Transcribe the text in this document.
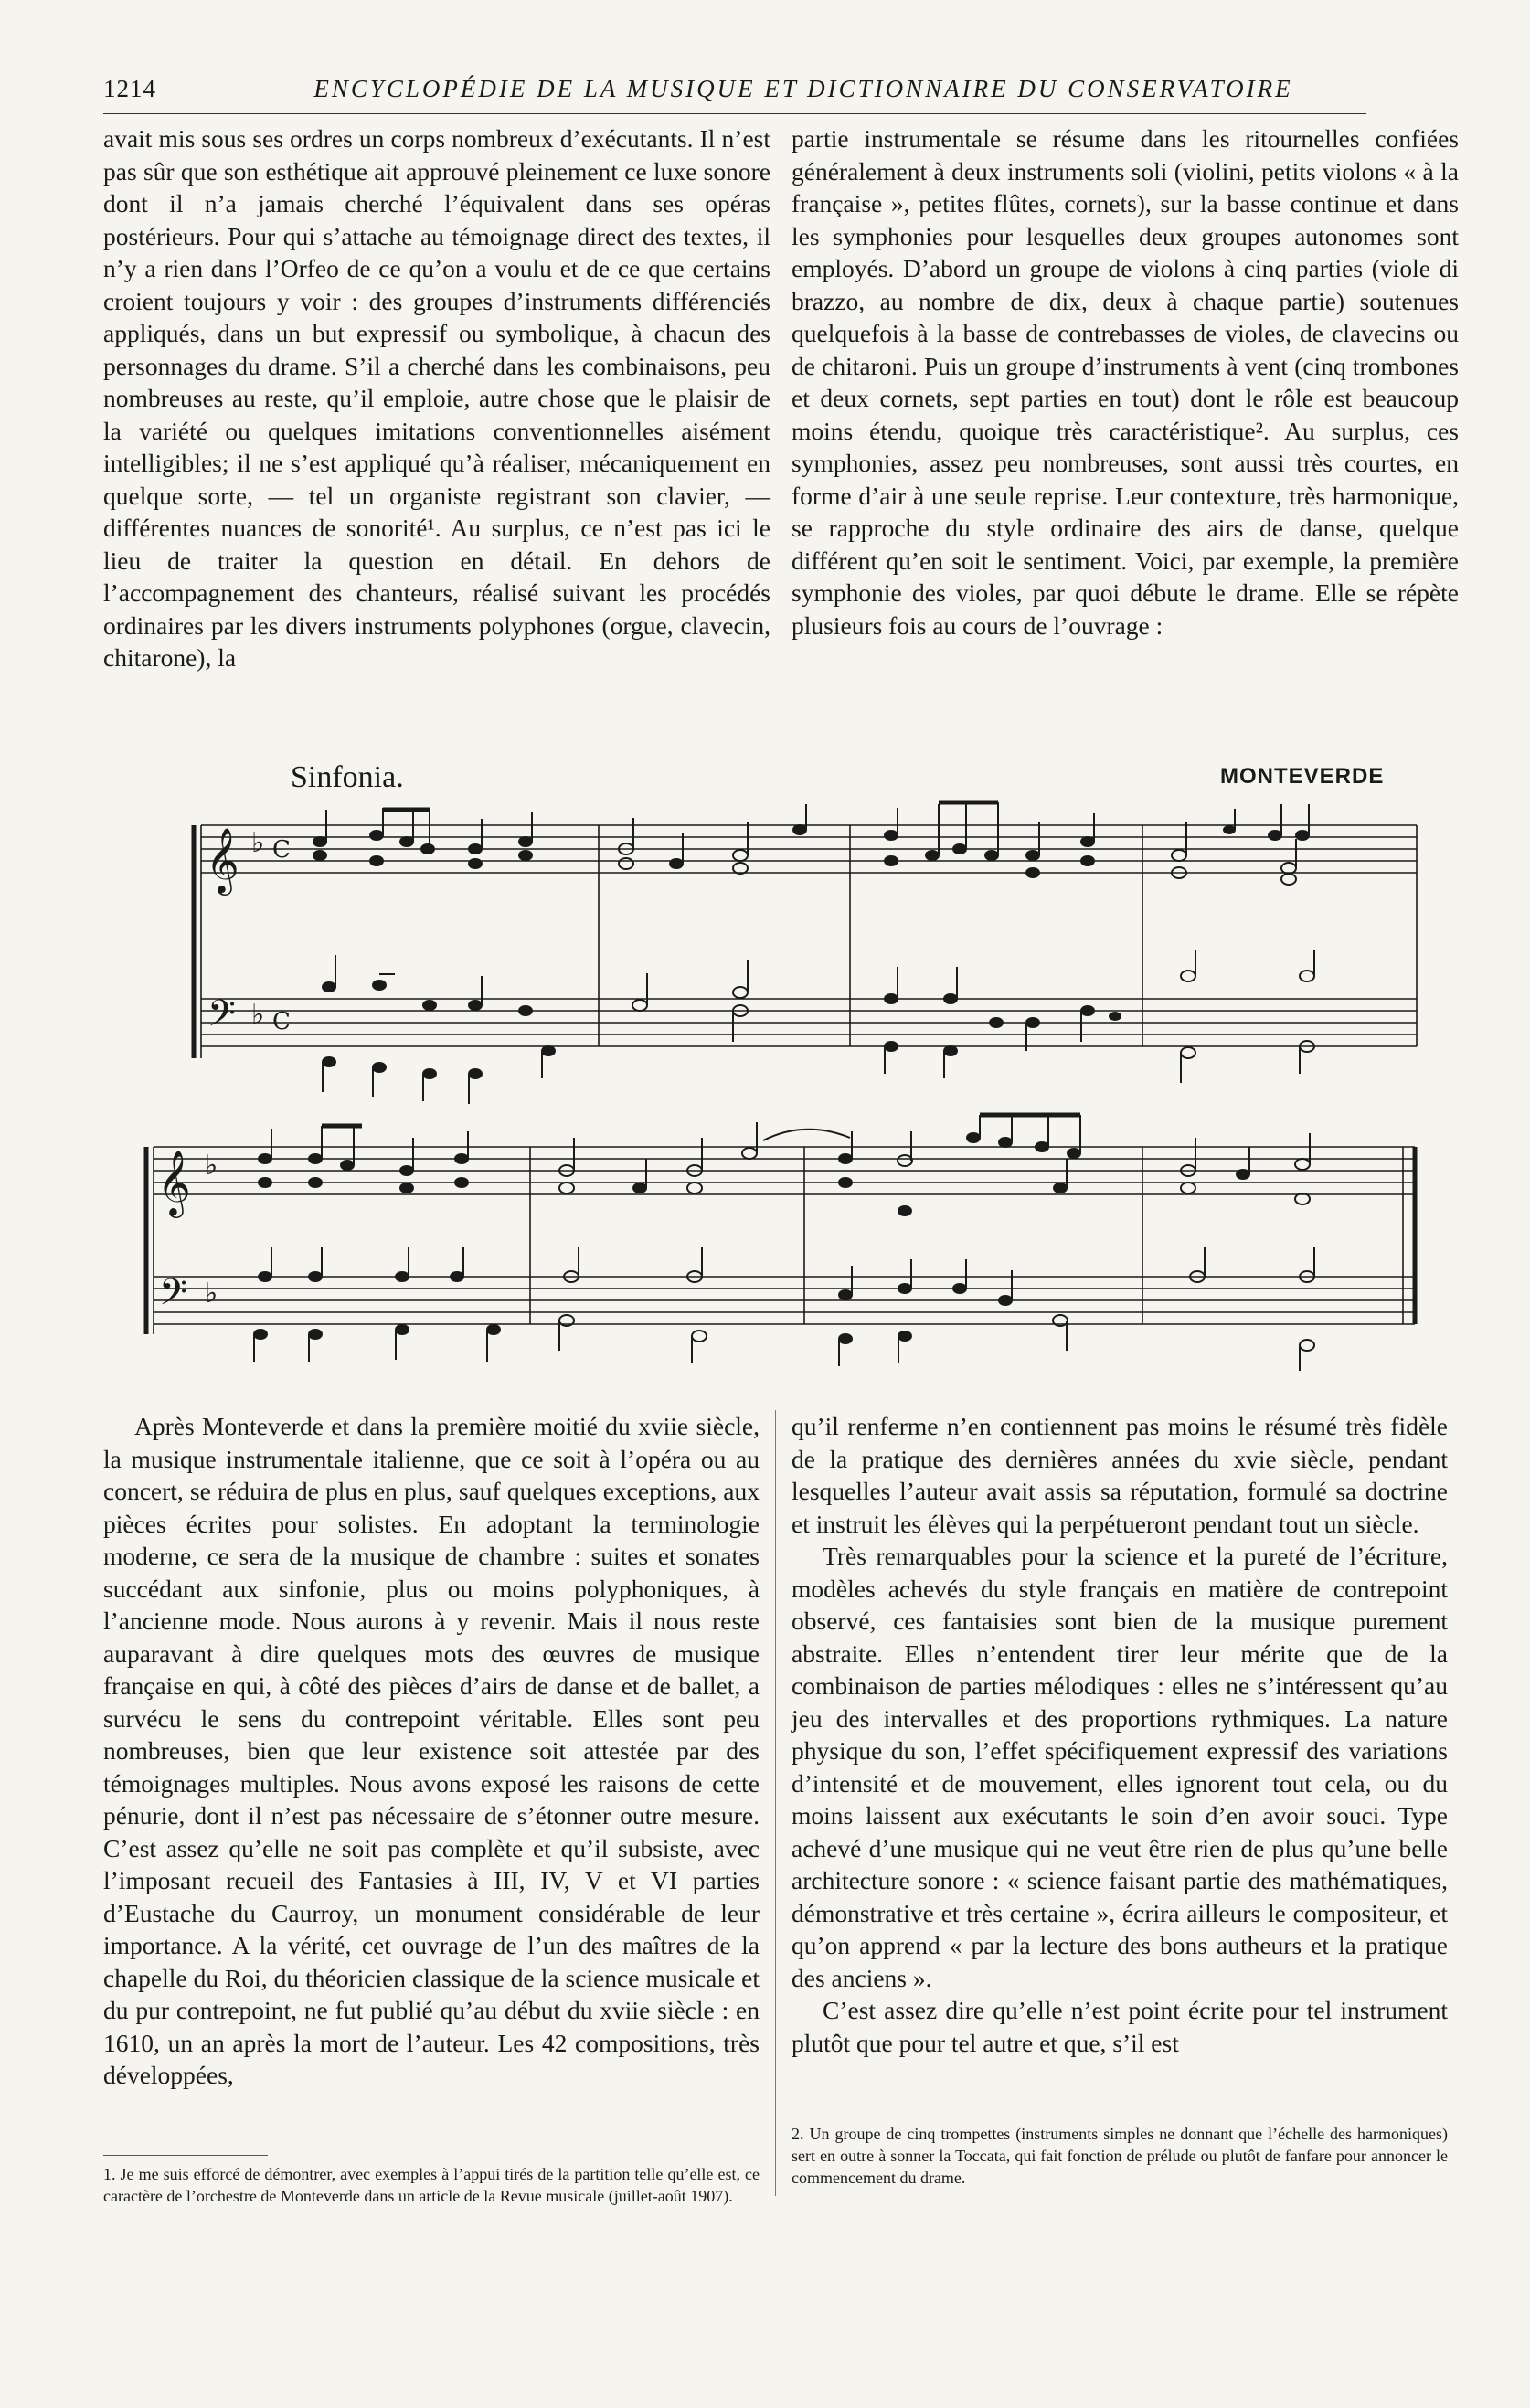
1214	ENCYCLOPÉDIE DE LA MUSIQUE ET DICTIONNAIRE DU CONSERVATOIRE

avait mis sous ses ordres un corps nombreux d’exécutants. Il n’est pas sûr que son esthétique ait approuvé pleinement ce luxe sonore dont il n’a jamais cherché l’équivalent dans ses opéras postérieurs. Pour qui s’attache au témoignage direct des textes, il n’y a rien dans l’Orfeo de ce qu’on a voulu et de ce que certains croient toujours y voir : des groupes d’instruments différenciés appliqués, dans un but expressif ou symbolique, à chacun des personnages du drame. S’il a cherché dans les combinaisons, peu nombreuses au reste, qu’il emploie, autre chose que le plaisir de la variété ou quelques imitations conventionnelles aisément intelligibles; il ne s’est appliqué qu’à réaliser, mécaniquement en quelque sorte, — tel un organiste registrant son clavier, — différentes nuances de sonorité¹. Au surplus, ce n’est pas ici le lieu de traiter la question en détail. En dehors de l’accompagnement des chanteurs, réalisé suivant les procédés ordinaires par les divers instruments polyphones (orgue, clavecin, chitarone), la

partie instrumentale se résume dans les ritournelles confiées généralement à deux instruments soli (violini, petits violons « à la française », petites flûtes, cornets), sur la basse continue et dans les symphonies pour lesquelles deux groupes autonomes sont employés. D’abord un groupe de violons à cinq parties (viole di brazzo, au nombre de dix, deux à chaque partie) soutenues quelquefois à la basse de contrebasses de violes, de clavecins ou de chitaroni. Puis un groupe d’instruments à vent (cinq trombones et deux cornets, sept parties en tout) dont le rôle est beaucoup moins étendu, quoique très caractéristique². Au surplus, ces symphonies, assez peu nombreuses, sont aussi très courtes, en forme d’air à une seule reprise. Leur contexture, très harmonique, se rapproche du style ordinaire des airs de danse, quelque différent qu’en soit le sentiment. Voici, par exemple, la première symphonie des violes, par quoi débute le drame. Elle se répète plusieurs fois au cours de l’ouvrage :

Sinfonia.	MONTEVERDE
𝄞
𝄢
♭
♭
C
C
𝄞
𝄢
♭
♭

Après Monteverde et dans la première moitié du xviie siècle, la musique instrumentale italienne, que ce soit à l’opéra ou au concert, se réduira de plus en plus, sauf quelques exceptions, aux pièces écrites pour solistes. En adoptant la terminologie moderne, ce sera de la musique de chambre : suites et sonates succédant aux sinfonie, plus ou moins polyphoniques, à l’ancienne mode. Nous aurons à y revenir. Mais il nous reste auparavant à dire quelques mots des œuvres de musique française en qui, à côté des pièces d’airs de danse et de ballet, a survécu le sens du contrepoint véritable. Elles sont peu nombreuses, bien que leur existence soit attestée par des témoignages multiples. Nous avons exposé les raisons de cette pénurie, dont il n’est pas nécessaire de s’étonner outre mesure. C’est assez qu’elle ne soit pas complète et qu’il subsiste, avec l’imposant recueil des Fantasies à III, IV, V et VI parties d’Eustache du Caurroy, un monument considérable de leur importance. A la vérité, cet ouvrage de l’un des maîtres de la chapelle du Roi, du théoricien classique de la science musicale et du pur contrepoint, ne fut publié qu’au début du xviie siècle : en 1610, un an après la mort de l’auteur. Les 42 compositions, très développées,

qu’il renferme n’en contiennent pas moins le résumé très fidèle de la pratique des dernières années du xvie siècle, pendant lesquelles l’auteur avait assis sa réputation, formulé sa doctrine et instruit les élèves qui la perpétueront pendant tout un siècle.

Très remarquables pour la science et la pureté de l’écriture, modèles achevés du style français en matière de contrepoint observé, ces fantaisies sont bien de la musique purement abstraite. Elles n’entendent tirer leur mérite que de la combinaison de parties mélodiques : elles ne s’intéressent qu’au jeu des intervalles et des proportions rythmiques. La nature physique du son, l’effet spécifiquement expressif des variations d’intensité et de mouvement, elles ignorent tout cela, ou du moins laissent aux exécutants le soin d’en avoir souci. Type achevé d’une musique qui ne veut être rien de plus qu’une belle architecture sonore : « science faisant partie des mathématiques, démonstrative et très certaine », écrira ailleurs le compositeur, et qu’on apprend « par la lecture des bons autheurs et la pratique des anciens ».

C’est assez dire qu’elle n’est point écrite pour tel instrument plutôt que pour tel autre et que, s’il est

1. Je me suis efforcé de démontrer, avec exemples à l’appui tirés de la partition telle qu’elle est, ce caractère de l’orchestre de Monteverde dans un article de la Revue musicale (juillet-août 1907).

2. Un groupe de cinq trompettes (instruments simples ne donnant que l’échelle des harmoniques) sert en outre à sonner la Toccata, qui fait fonction de prélude ou plutôt de fanfare pour annoncer le commencement du drame.
